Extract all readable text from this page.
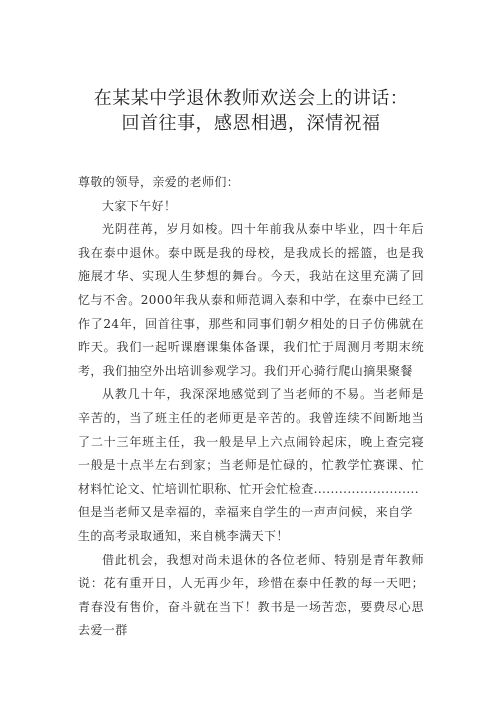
在某某中学退休教师欢送会上的讲话：
回首往事，感恩相遇，深情祝福

尊敬的领导，亲爱的老师们：

大家下午好！

光阴荏苒，岁月如梭。四十年前我从泰中毕业，四十年后我在泰中退休。泰中既是我的母校，是我成长的摇篮，也是我施展才华、实现人生梦想的舞台。今天，我站在这里充满了回忆与不舍。2000年我从泰和师范调入泰和中学，在泰中已经工作了24年，回首往事，那些和同事们朝夕相处的日子仿佛就在昨天。我们一起听课磨课集体备课，我们忙于周测月考期末统考，我们抽空外出培训参观学习。我们开心骑行爬山摘果聚餐

从教几十年，我深深地感觉到了当老师的不易。当老师是辛苦的，当了班主任的老师更是辛苦的。我曾连续不间断地当了二十三年班主任，我一般是早上六点闹铃起床，晚上查完寝一般是十点半左右到家；当老师是忙碌的，忙教学忙赛课、忙材料忙论文、忙培训忙职称、忙开会忙检查.........................

但是当老师又是幸福的，幸福来自学生的一声声问候，来自学生的高考录取通知，来自桃李满天下！

借此机会，我想对尚未退休的各位老师、特别是青年教师说：花有重开日，人无再少年，珍惜在泰中任教的每一天吧；青春没有售价，奋斗就在当下！教书是一场苦恋，要费尽心思去爱一群
